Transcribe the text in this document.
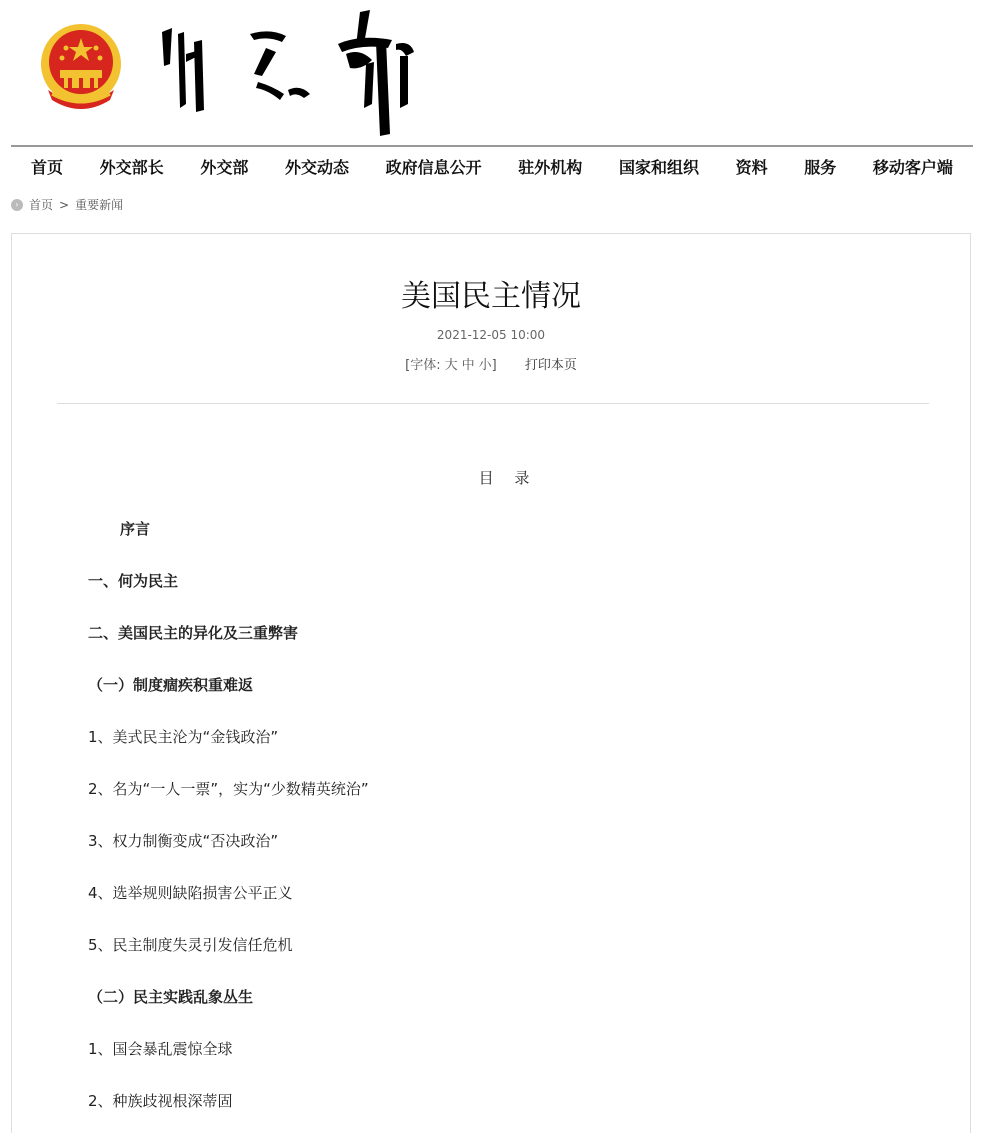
首页 外交部长 外交部 外交动态 政府信息公开 驻外机构 国家和组织 资料 服务 移动客户端
› 首页 > 重要新闻
美国民主情况
2021-12-05 10:00
[字体: 大 中 小] 打印本页
目 录
序言
一、何为民主
二、美国民主的异化及三重弊害
（一）制度痼疾积重难返
1、美式民主沦为“金钱政治”
2、名为“一人一票”，实为“少数精英统治”
3、权力制衡变成“否决政治”
4、选举规则缺陷损害公平正义
5、民主制度失灵引发信任危机
（二）民主实践乱象丛生
1、国会暴乱震惊全球
2、种族歧视根深蒂固
